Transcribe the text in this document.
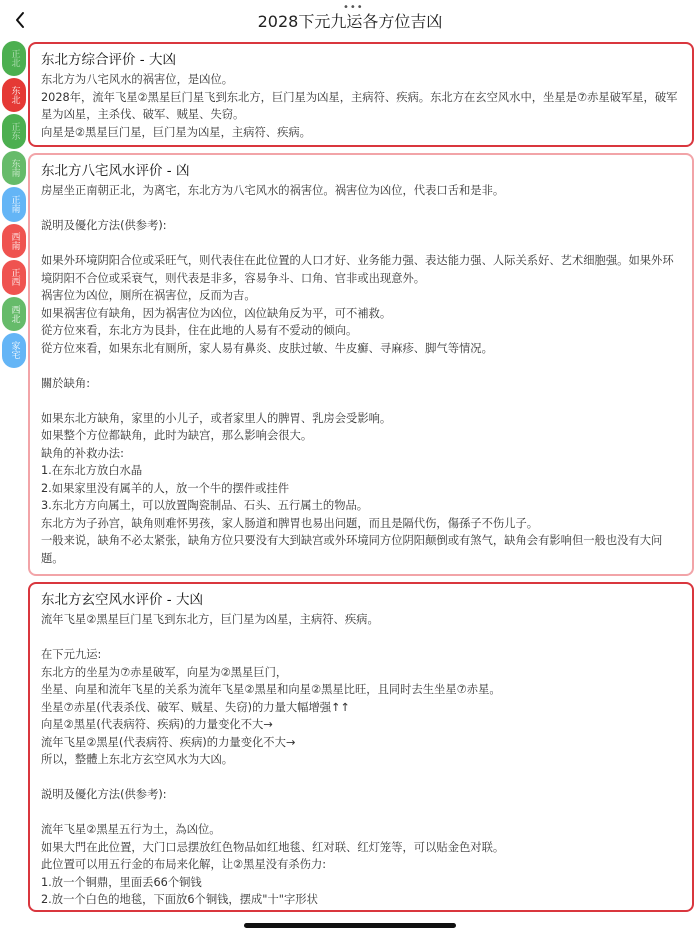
•••
2028下元九运各方位吉凶
正北
东北
正东
东南
正南
西南
正西
西北
家宅
东北方综合评价 - 大凶

东北方为八宅风水的祸害位，是凶位。

2028年，流年飞星②黑星巨门星飞到东北方，巨门星为凶星，主病符、疾病。东北方在玄空风水中，坐星是⑦赤星破军星，破军星为凶星，主杀伐、破军、贼星、失窃。

向星是②黑星巨门星，巨门星为凶星，主病符、疾病。

东北方八宅风水评价 - 凶

房屋坐正南朝正北，为离宅，东北方为八宅风水的祸害位。祸害位为凶位，代表口舌和是非。

説明及優化方法(供参考):

如果外环境阴阳合位或采旺气，则代表住在此位置的人口才好、业务能力强、表达能力强、人际关系好、艺术细胞强。如果外环境阴阳不合位或采衰气，则代表是非多，容易争斗、口角、官非或出现意外。

祸害位为凶位，厕所在祸害位，反而为吉。

如果祸害位有缺角，因为祸害位为凶位，凶位缺角反为平，可不補救。

從方位來看，东北方为艮卦，住在此地的人易有不爱动的倾向。

從方位來看，如果东北有厕所，家人易有鼻炎、皮肤过敏、牛皮癬、寻麻疹、脚气等情况。

關於缺角:

如果东北方缺角，家里的小儿子，或者家里人的脾胃、乳房会受影响。

如果整个方位都缺角，此时为缺宫，那么影响会很大。

缺角的补救办法:

1.在东北方放白水晶

2.如果家里没有属羊的人，放一个牛的摆件或挂件

3.东北方方向属土，可以放置陶瓷制品、石头、五行属土的物品。

东北方为子孙宫，缺角则难怀男孩，家人肠道和脾胃也易出问题，而且是隔代伤，傷孫子不伤儿子。

一般来说，缺角不必太紧张，缺角方位只要没有大到缺宫或外环境同方位阴阳颠倒或有煞气，缺角会有影响但一般也没有大问题。

东北方玄空风水评价 - 大凶

流年飞星②黑星巨门星飞到东北方，巨门星为凶星，主病符、疾病。

在下元九运:

东北方的坐星为⑦赤星破军，向星为②黑星巨门，

坐星、向星和流年飞星的关系为流年飞星②黑星和向星②黑星比旺，且同时去生坐星⑦赤星。

坐星⑦赤星(代表杀伐、破军、贼星、失窃)的力量大幅增强↑↑

向星②黑星(代表病符、疾病)的力量变化不大→

流年飞星②黑星(代表病符、疾病)的力量变化不大→

所以，整體上东北方玄空风水为大凶。

説明及優化方法(供参考):

流年飞星②黑星五行为土，為凶位。

如果大門在此位置，大门口忌摆放红色物品如红地毯、红对联、红灯笼等，可以贴金色对联。

此位置可以用五行金的布局来化解，让②黑星没有杀伤力:

1.放一个铜鼎，里面丢66个铜钱

2.放一个白色的地毯，下面放6个铜钱，摆成"十"字形状
